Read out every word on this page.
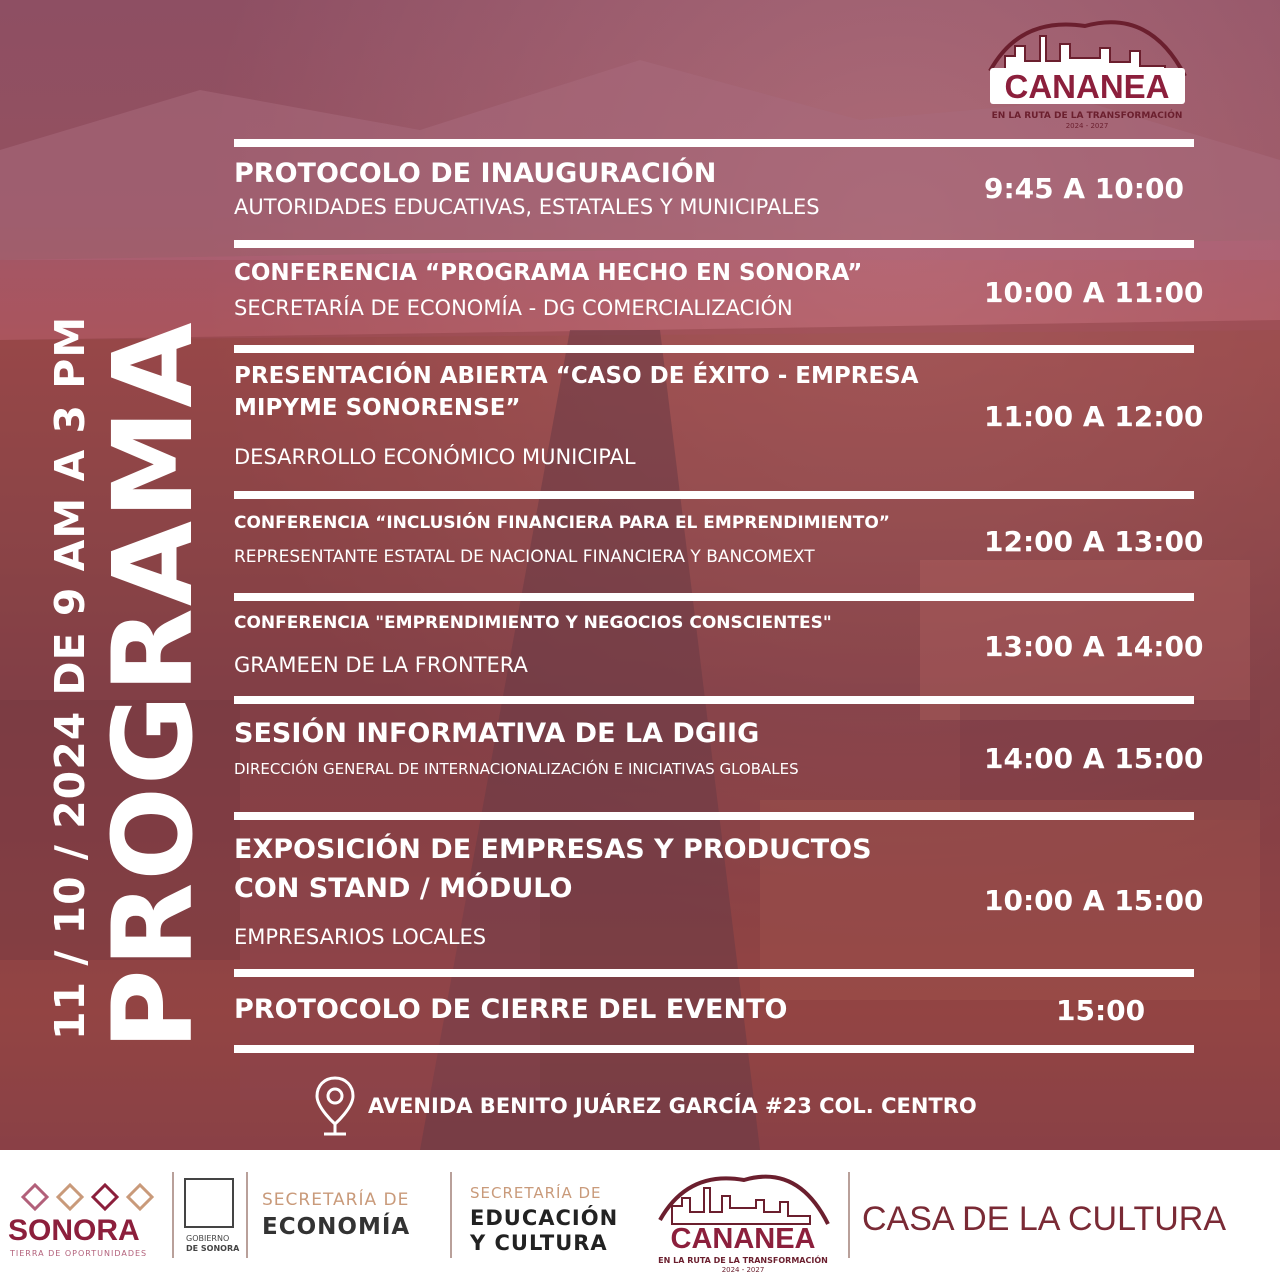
CANANEA
EN LA RUTA DE LA TRANSFORMACIÓN
2024 - 2027
11 / 10 / 2024 DE 9 AM A 3 PM
PROGRAMA
PROTOCOLO DE INAUGURACIÓN
AUTORIDADES EDUCATIVAS, ESTATALES Y MUNICIPALES
9:45 A 10:00
CONFERENCIA “PROGRAMA HECHO EN SONORA”
SECRETARÍA DE ECONOMÍA - DG COMERCIALIZACIÓN	10:00 A 11:00
PRESENTACIÓN ABIERTA “CASO DE ÉXITO - EMPRESA
MIPYME SONORENSE”
DESARROLLO ECONÓMICO MUNICIPAL
11:00 A 12:00
CONFERENCIA “INCLUSIÓN FINANCIERA PARA EL EMPRENDIMIENTO”
REPRESENTANTE ESTATAL DE NACIONAL FINANCIERA Y BANCOMEXT	12:00 A 13:00
CONFERENCIA "EMPRENDIMIENTO Y NEGOCIOS CONSCIENTES"
GRAMEEN DE LA FRONTERA
13:00 A 14:00
SESIÓN INFORMATIVA DE LA DGIIG
DIRECCIÓN GENERAL DE INTERNACIONALIZACIÓN E INICIATIVAS GLOBALES	14:00 A 15:00
EXPOSICIÓN DE EMPRESAS Y PRODUCTOS
CON STAND / MÓDULO
EMPRESARIOS LOCALES
10:00 A 15:00
PROTOCOLO DE CIERRE DEL EVENTO	15:00
AVENIDA BENITO JUÁREZ GARCÍA #23 COL. CENTRO
SONORA
TIERRA DE OPORTUNIDADES
GOBIERNO
DE SONORA
SECRETARÍA DE
ECONOMÍA
SECRETARÍA DE
EDUCACIÓN
Y CULTURA	CANANEA
EN LA RUTA DE LA TRANSFORMACIÓN
2024 - 2027
CASA DE LA CULTURA
